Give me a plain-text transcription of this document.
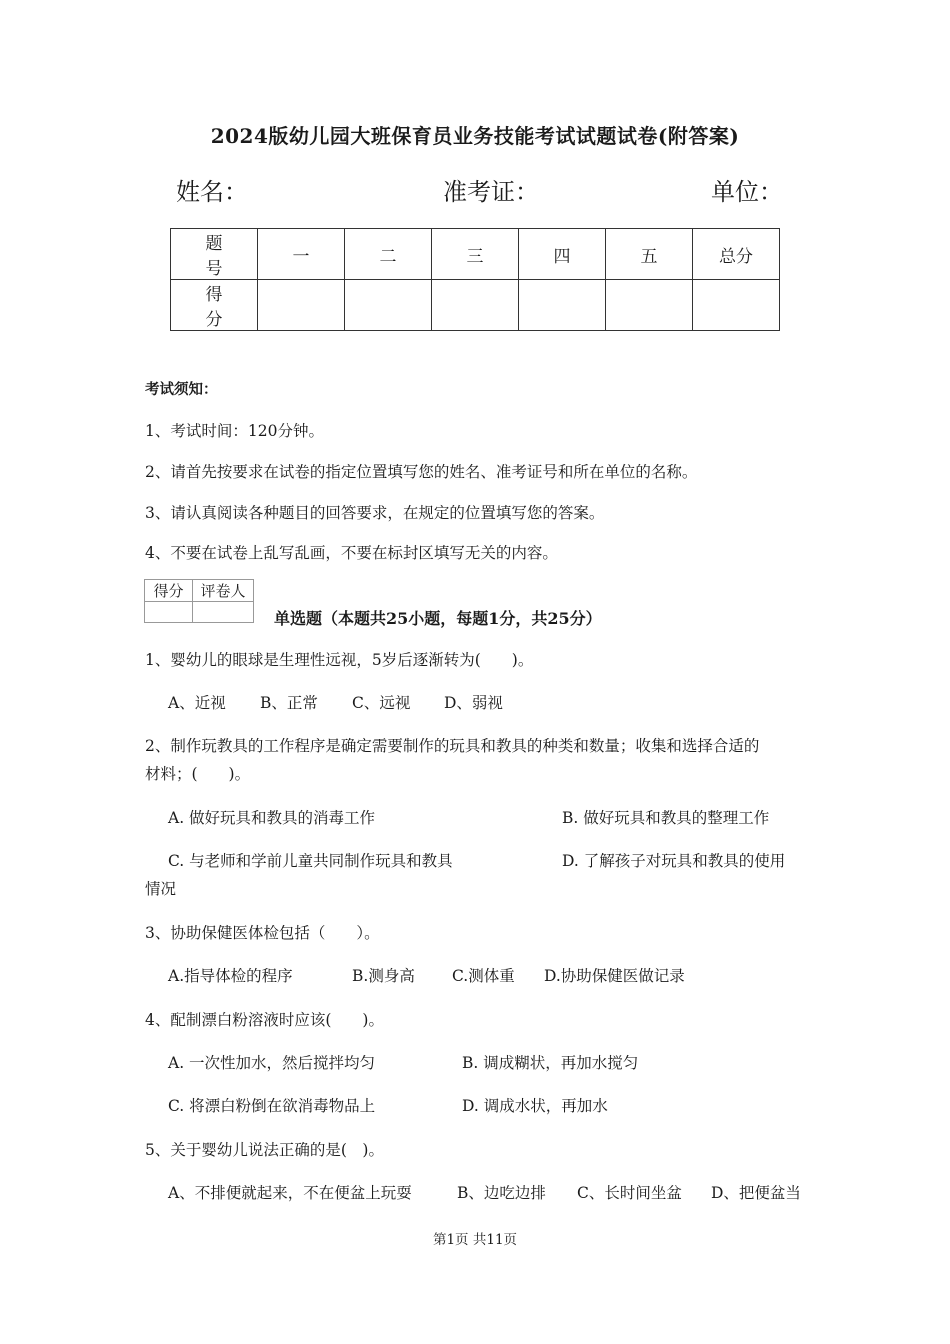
2024版幼儿园大班保育员业务技能考试试题试卷(附答案)
姓名：	准考证：	单位：
题　号	一	二	三	四	五	总分
得　分						
考试须知：
1、考试时间：120分钟。
2、请首先按要求在试卷的指定位置填写您的姓名、准考证号和所在单位的名称。
3、请认真阅读各种题目的回答要求，在规定的位置填写您的答案。
4、不要在试卷上乱写乱画，不要在标封区填写无关的内容。
得分	评卷人

单选题（本题共25小题，每题1分，共25分）
1、婴幼儿的眼球是生理性远视，5岁后逐渐转为(　　)。
A、近视 B、正常 C、远视 D、弱视
2、制作玩教具的工作程序是确定需要制作的玩具和教具的种类和数量；收集和选择合适的
材料；(　　)。
A. 做好玩具和教具的消毒工作	B. 做好玩具和教具的整理工作
C. 与老师和学前儿童共同制作玩具和教具	D. 了解孩子对玩具和教具的使用
情况
3、协助保健医体检包括（　　）。
A.指导体检的程序	B.测身高 C.测体重 D.协助保健医做记录
4、配制漂白粉溶液时应该(　　)。
A. 一次性加水，然后搅拌均匀	B. 调成糊状，再加水搅匀
C. 将漂白粉倒在欲消毒物品上	D. 调成水状，再加水
5、关于婴幼儿说法正确的是(　)。
A、不排便就起来，不在便盆上玩耍	B、边吃边排 C、长时间坐盆 D、把便盆当
第1页 共11页
